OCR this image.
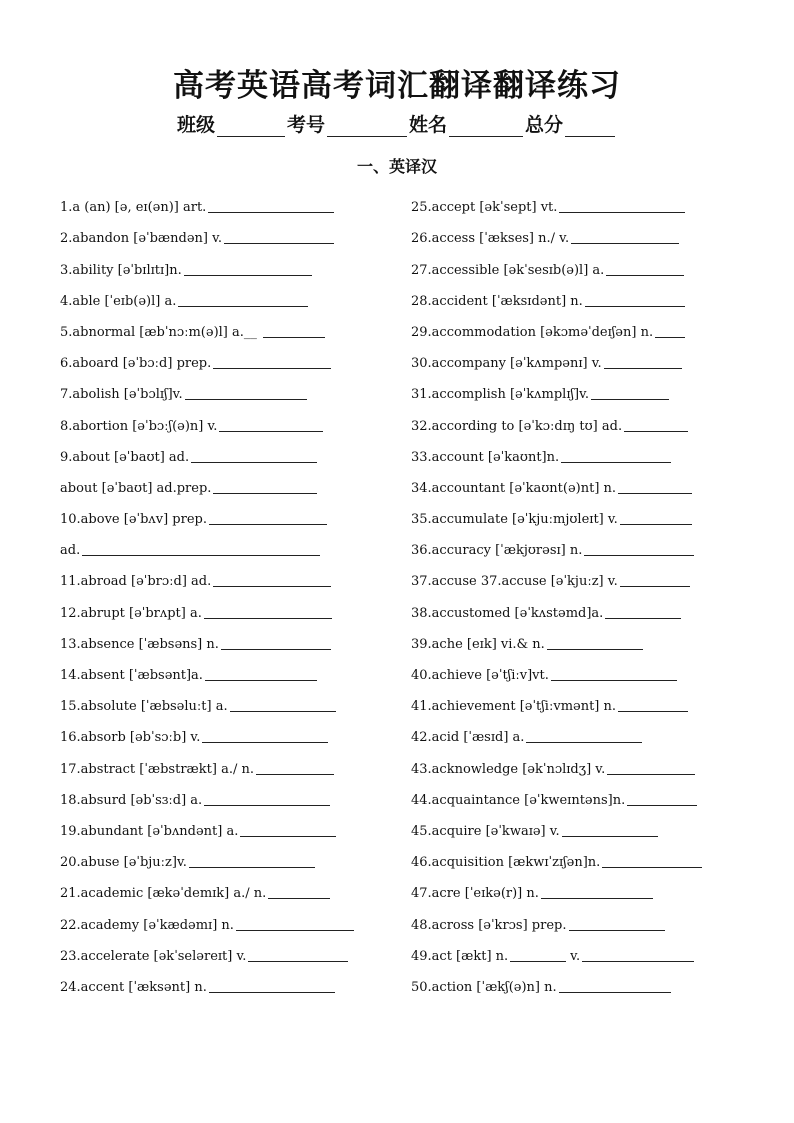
高考英语高考词汇翻译翻译练习
班级	考号	姓名	总分
一、英译汉
1.a (an) [ə, eɪ(ən)] art.
2.abandon [əˈbændən] v.
3.ability [əˈbɪlɪtɪ]n.
4.able [ˈeɪb(ə)l] a.
5.abnormal [æbˈnɔːm(ə)l] a.__
6.aboard [əˈbɔːd] prep.
7.abolish [əˈbɔlɪʃ]v.
8.abortion [əˈbɔːʃ(ə)n] v.
9.about [əˈbaʊt] ad.
about [əˈbaʊt] ad.prep.
10.above [əˈbʌv] prep.
ad.
11.abroad [əˈbrɔːd] ad.
12.abrupt [əˈbrʌpt] a.
13.absence [ˈæbsəns] n.
14.absent [ˈæbsənt]a.
15.absolute [ˈæbsəluːt] a.
16.absorb [əbˈsɔːb] v.
17.abstract [ˈæbstrækt] a./ n.
18.absurd [əbˈsɜːd] a.
19.abundant [əˈbʌndənt] a.
20.abuse [əˈbjuːz]v.
21.academic [ækəˈdemɪk] a./ n.
22.academy [əˈkædəmɪ] n.
23.accelerate [əkˈseləreɪt] v.
24.accent [ˈæksənt] n.
25.accept [əkˈsept] vt.
26.access [ˈækses] n./ v.
27.accessible [əkˈsesɪb(ə)l] a.
28.accident [ˈæksɪdənt] n.
29.accommodation [əkɔməˈdeɪʃən] n.
30.accompany [əˈkʌmpənɪ] v.
31.accomplish [əˈkʌmplɪʃ]v.
32.according to [əˈkɔːdɪŋ tʊ] ad.
33.account [əˈkaʊnt]n.
34.accountant [əˈkaʊnt(ə)nt] n.
35.accumulate [əˈkjuːmjʊleɪt] v.
36.accuracy [ˈækjʊrəsɪ] n.
37.accuse 37.accuse [əˈkjuːz] v.
38.accustomed [əˈkʌstəmd]a.
39.ache [eɪk] vi.& n.
40.achieve [əˈtʃiːv]vt.
41.achievement [əˈtʃiːvmənt] n.
42.acid [ˈæsɪd] a.
43.acknowledge [əkˈnɔlɪdʒ] v.
44.acquaintance [əˈkweɪntəns]n.
45.acquire [əˈkwaɪə] v.
46.acquisition [ækwɪˈzɪʃən]n.
47.acre [ˈeɪkə(r)] n.
48.across [əˈkrɔs] prep.
49.act [ækt] n.	v.
50.action [ˈækʃ(ə)n] n.
